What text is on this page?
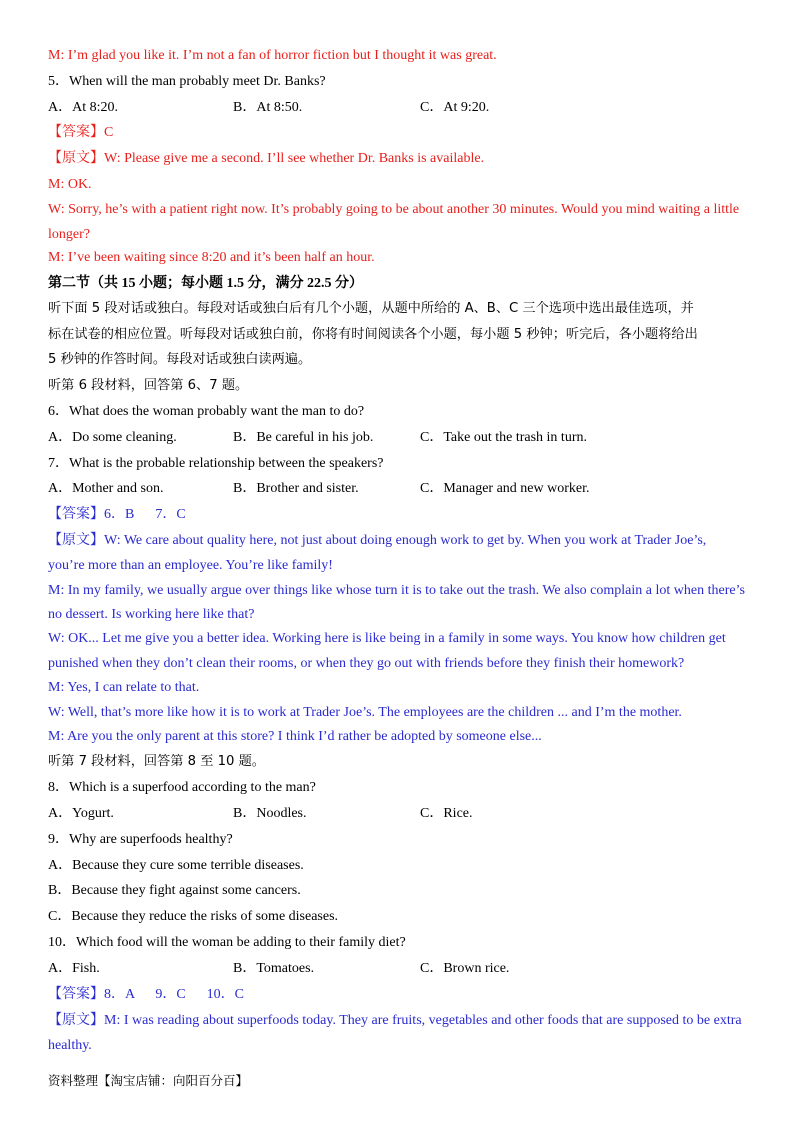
M: I’m glad you like it. I’m not a fan of horror fiction but I thought it was great.
5．When will the man probably meet Dr. Banks?
A．At 8:20.	B．At 8:50.	C．At 9:20.
【答案】C
【原文】W: Please give me a second. I’ll see whether Dr. Banks is available.
M: OK.
W: Sorry, he’s with a patient right now. It’s probably going to be about another 30 minutes. Would you mind waiting a little
longer?
M: I’ve been waiting since 8:20 and it’s been half an hour.
第二节（共 15 小题；每小题 1.5 分，满分 22.5 分）
听下面 5 段对话或独白。每段对话或独白后有几个小题，从题中所给的 A、B、C 三个选项中选出最佳选项，并
标在试卷的相应位置。听每段对话或独白前，你将有时间阅读各个小题，每小题 5 秒钟；听完后，各小题将给出
5 秒钟的作答时间。每段对话或独白读两遍。
听第 6 段材料，回答第 6、7 题。
6．What does the woman probably want the man to do?
A．Do some cleaning.	B．Be careful in his job.	C．Take out the trash in turn.
7．What is the probable relationship between the speakers?
A．Mother and son.	B．Brother and sister.	C．Manager and new worker.
【答案】6．B      7．C
【原文】W: We care about quality here, not just about doing enough work to get by. When you work at Trader Joe’s,
you’re more than an employee. You’re like family!
M: In my family, we usually argue over things like whose turn it is to take out the trash. We also complain a lot when there’s
no dessert. Is working here like that?
W: OK... Let me give you a better idea. Working here is like being in a family in some ways. You know how children get
punished when they don’t clean their rooms, or when they go out with friends before they finish their homework?
M: Yes, I can relate to that.
W: Well, that’s more like how it is to work at Trader Joe’s. The employees are the children ... and I’m the mother.
M: Are you the only parent at this store? I think I’d rather be adopted by someone else...
听第 7 段材料，回答第 8 至 10 题。
8．Which is a superfood according to the man?
A．Yogurt.	B．Noodles.	C．Rice.
9．Why are superfoods healthy?
A．Because they cure some terrible diseases.
B．Because they fight against some cancers.
C．Because they reduce the risks of some diseases.
10．Which food will the woman be adding to their family diet?
A．Fish.	B．Tomatoes.	C．Brown rice.
【答案】8．A      9．C      10．C
【原文】M: I was reading about superfoods today. They are fruits, vegetables and other foods that are supposed to be extra
healthy.
资料整理【淘宝店铺：向阳百分百】
